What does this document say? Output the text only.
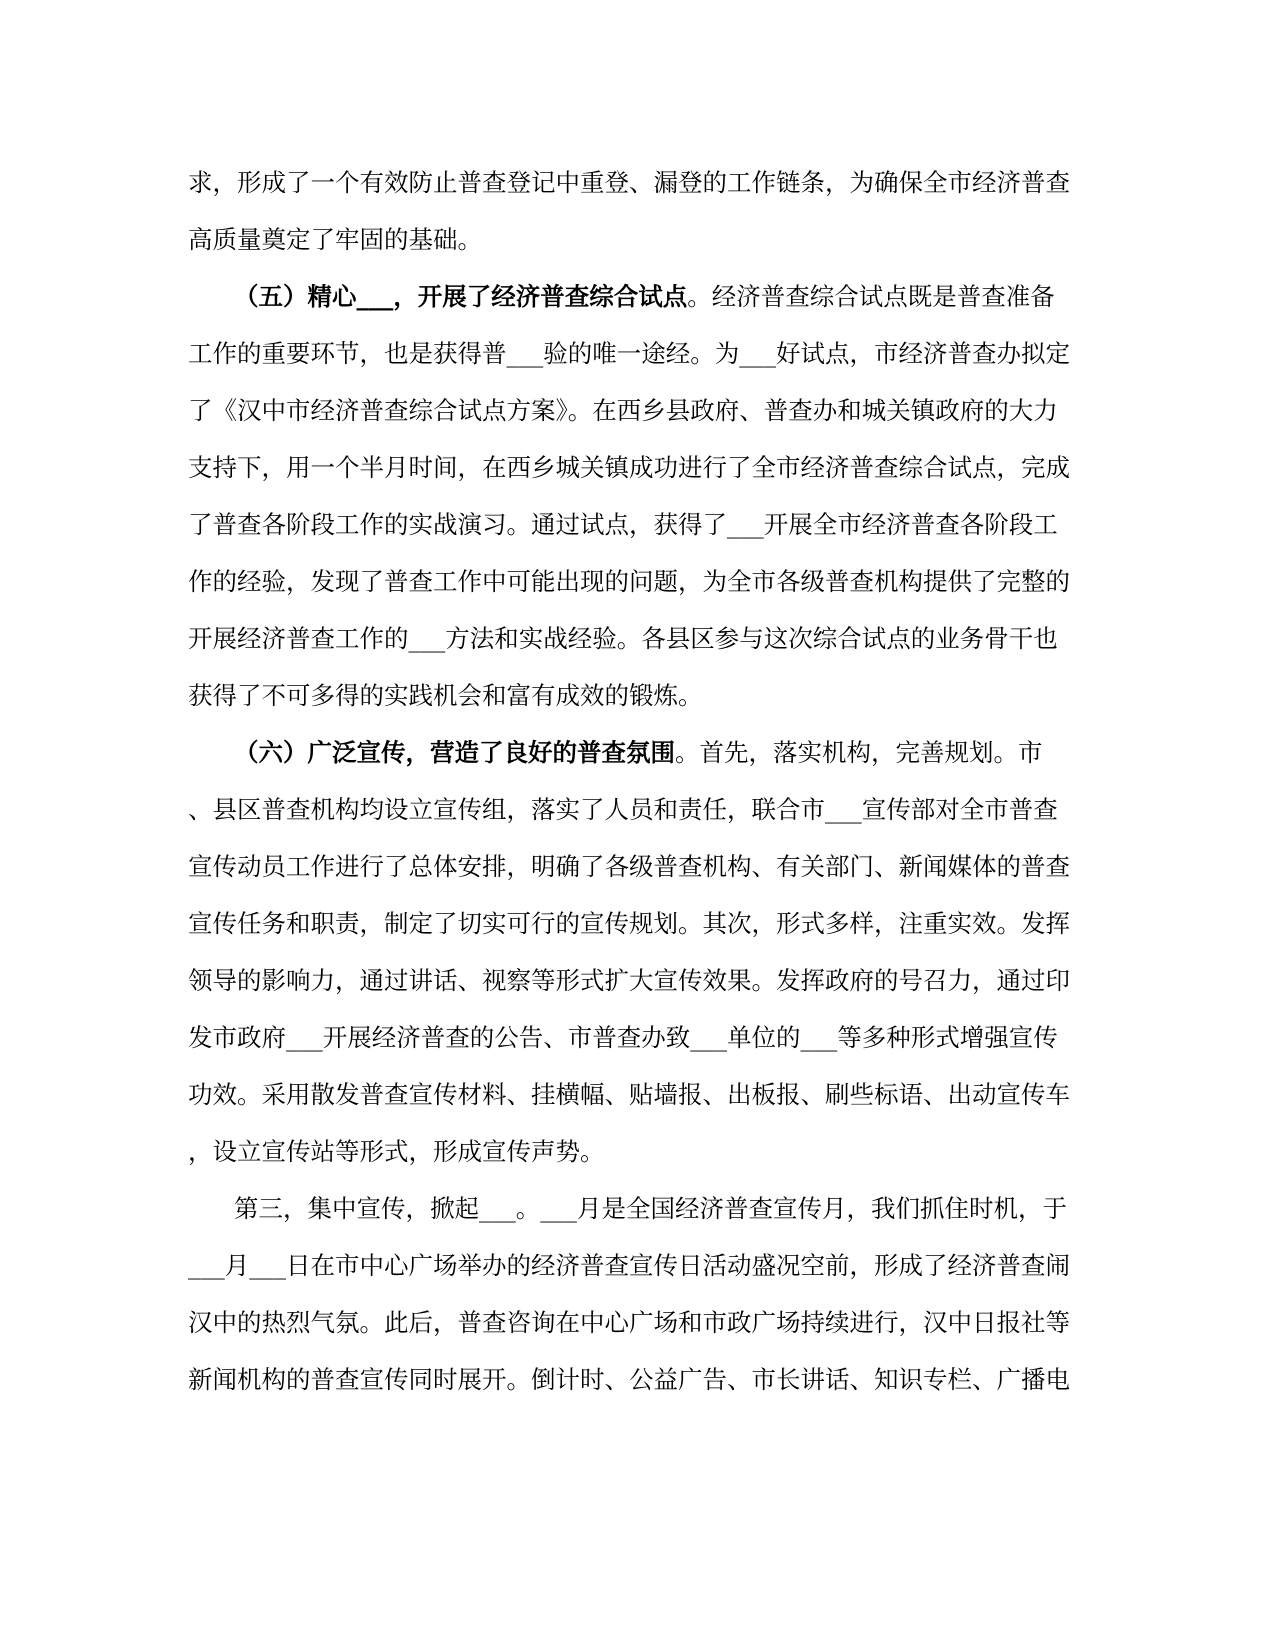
求，形成了一个有效防止普查登记中重登、漏登的工作链条，为确保全市经济普查
高质量奠定了牢固的基础。
（五）精心___，开展了经济普查综合试点。经济普查综合试点既是普查准备
工作的重要环节，也是获得普___验的唯一途经。为___好试点，市经济普查办拟定
了《汉中市经济普查综合试点方案》。在西乡县政府、普查办和城关镇政府的大力
支持下，用一个半月时间，在西乡城关镇成功进行了全市经济普查综合试点，完成
了普查各阶段工作的实战演习。通过试点，获得了___开展全市经济普查各阶段工
作的经验，发现了普查工作中可能出现的问题，为全市各级普查机构提供了完整的
开展经济普查工作的___方法和实战经验。各县区参与这次综合试点的业务骨干也
获得了不可多得的实践机会和富有成效的锻炼。
（六）广泛宣传，营造了良好的普查氛围。首先，落实机构，完善规划。市
、县区普查机构均设立宣传组，落实了人员和责任，联合市___宣传部对全市普查
宣传动员工作进行了总体安排，明确了各级普查机构、有关部门、新闻媒体的普查
宣传任务和职责，制定了切实可行的宣传规划。其次，形式多样，注重实效。发挥
领导的影响力，通过讲话、视察等形式扩大宣传效果。发挥政府的号召力，通过印
发市政府___开展经济普查的公告、市普查办致___单位的___等多种形式增强宣传
功效。采用散发普查宣传材料、挂横幅、贴墙报、出板报、刷些标语、出动宣传车
，设立宣传站等形式，形成宣传声势。
第三，集中宣传，掀起___。___月是全国经济普查宣传月，我们抓住时机，于
___月___日在市中心广场举办的经济普查宣传日活动盛况空前，形成了经济普查闹
汉中的热烈气氛。此后，普查咨询在中心广场和市政广场持续进行，汉中日报社等
新闻机构的普查宣传同时展开。倒计时、公益广告、市长讲话、知识专栏、广播电
